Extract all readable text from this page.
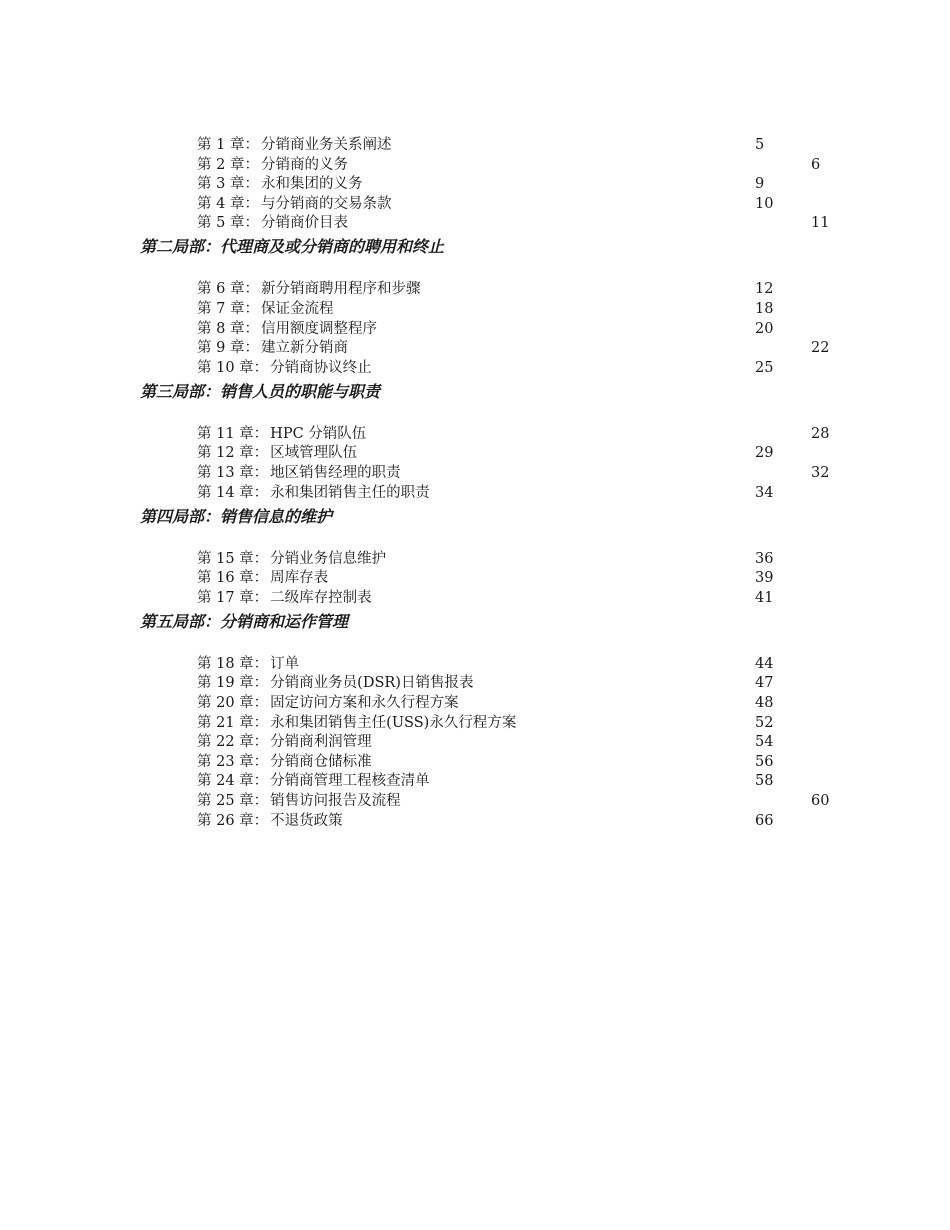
第 1 章： 分销商业务关系阐述	5
第 2 章： 分销商的义务	6
第 3 章： 永和集团的义务	9
第 4 章： 与分销商的交易条款	10
第 5 章： 分销商价目表	11
第二局部：代理商及或分销商的聘用和终止
第 6 章： 新分销商聘用程序和步骤	12
第 7 章： 保证金流程	18
第 8 章： 信用额度调整程序	20
第 9 章： 建立新分销商	22
第 10 章： 分销商协议终止	25
第三局部：销售人员的职能与职责
第 11 章： HPC 分销队伍	28
第 12 章： 区域管理队伍	29
第 13 章： 地区销售经理的职责	32
第 14 章： 永和集团销售主任的职责	34
第四局部：销售信息的维护
第 15 章： 分销业务信息维护	36
第 16 章： 周库存表	39
第 17 章： 二级库存控制表	41
第五局部：分销商和运作管理
第 18 章： 订单	44
第 19 章： 分销商业务员(DSR)日销售报表	47
第 20 章： 固定访问方案和永久行程方案	48
第 21 章： 永和集团销售主任(USS)永久行程方案	52
第 22 章： 分销商利润管理	54
第 23 章： 分销商仓储标准	56
第 24 章： 分销商管理工程核查清单	58
第 25 章： 销售访问报告及流程	60
第 26 章： 不退货政策	66
